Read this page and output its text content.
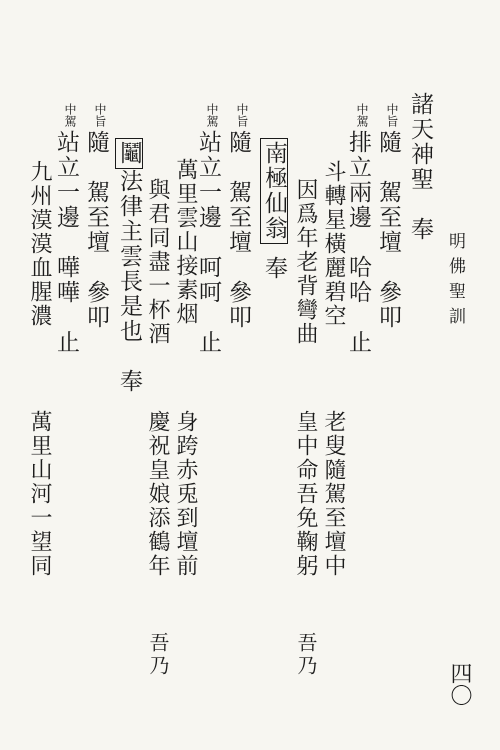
明佛聖訓
四〇
諸天神聖　奉
中旨
隨　駕至壇　參叩
中駕
排立兩邊　哈哈　止
斗轉星橫麗碧空
因爲年老背彎曲
南極仙翁奉
中旨
隨　駕至壇　參叩
中駕
站立一邊　呵呵　止
萬里雲山接素烟
與君同盡一杯酒
鬮法律主雲長是也　奉
中旨
隨　駕至壇　參叩
中駕
站立一邊　嘩嘩　止
九州漠漠血腥濃
老叟隨駕至壇中
皇中命吾免鞠躬
吾乃
身跨赤兎到壇前
慶祝皇娘添鶴年
吾乃
萬里山河一望同
